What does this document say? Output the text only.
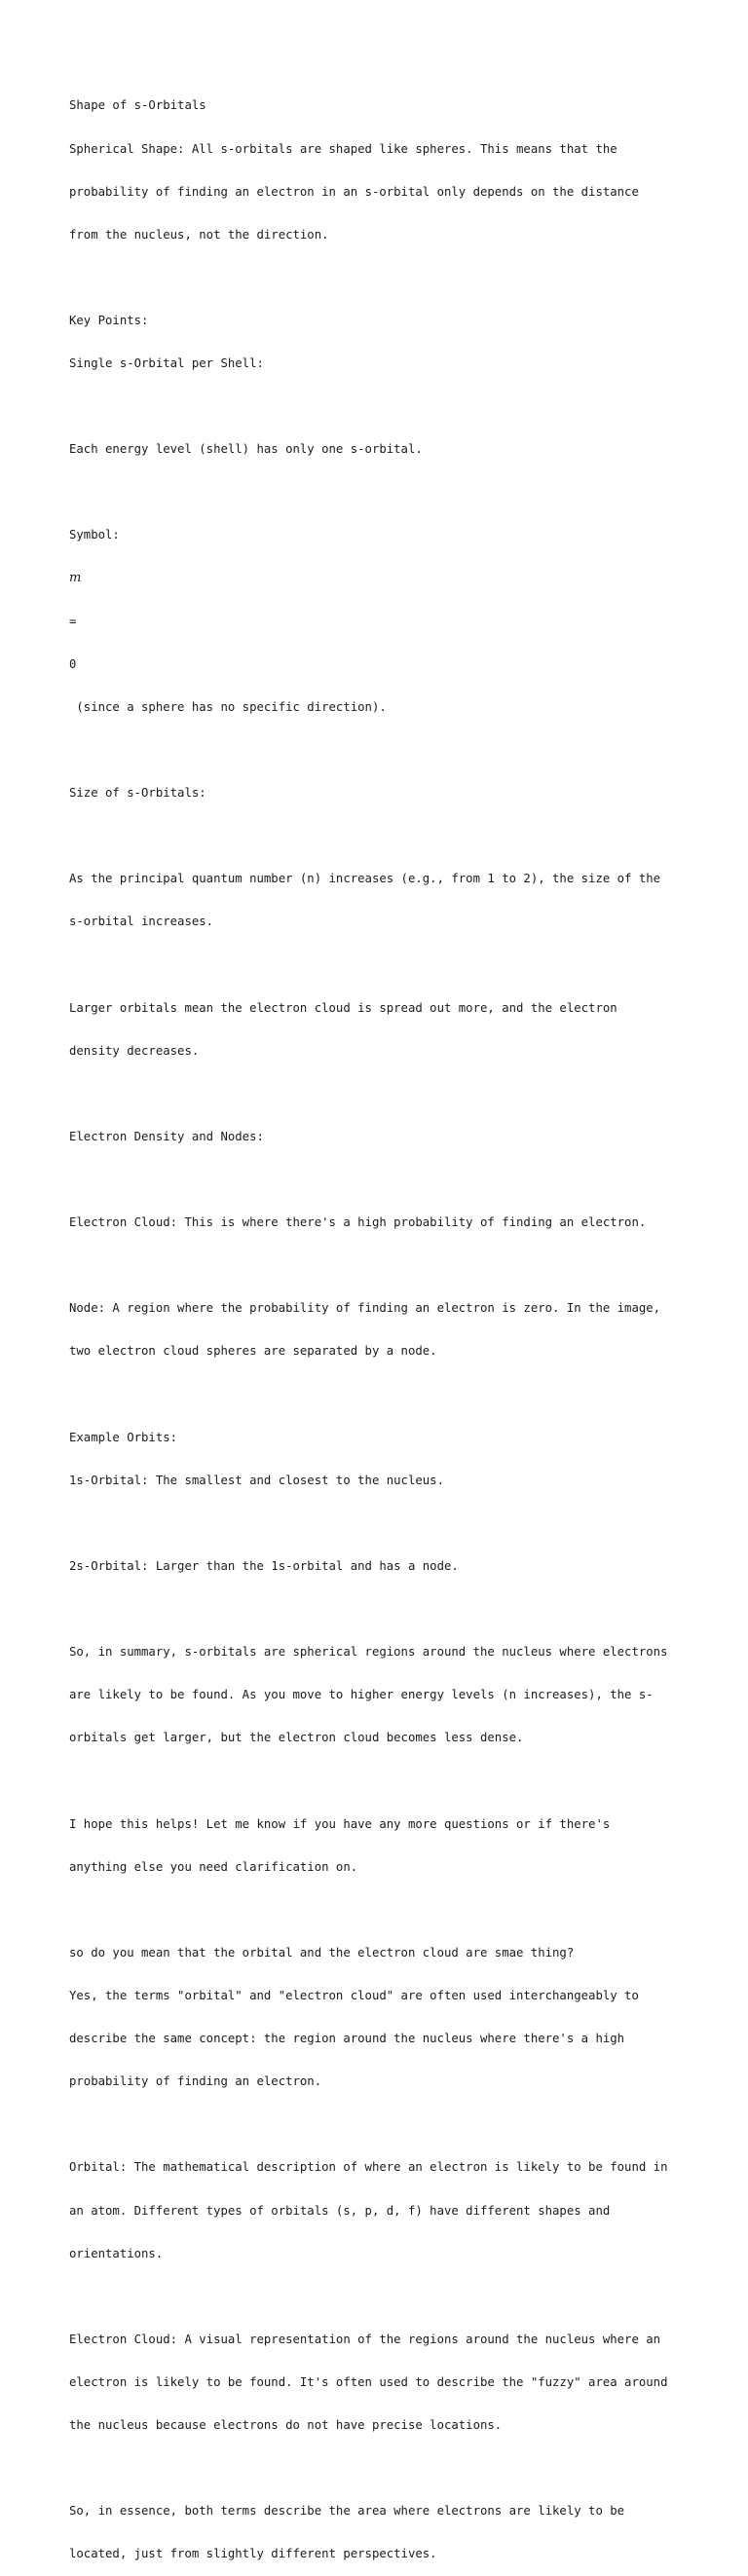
Shape of s-Orbitals

Spherical Shape: All s-orbitals are shaped like spheres. This means that the

probability of finding an electron in an s-orbital only depends on the distance

from the nucleus, not the direction.

Key Points:

Single s-Orbital per Shell:

Each energy level (shell) has only one s-orbital.

Symbol:

m

=

0

(since a sphere has no specific direction).

Size of s-Orbitals:

As the principal quantum number (n) increases (e.g., from 1 to 2), the size of the

s-orbital increases.

Larger orbitals mean the electron cloud is spread out more, and the electron

density decreases.

Electron Density and Nodes:

Electron Cloud: This is where there's a high probability of finding an electron.

Node: A region where the probability of finding an electron is zero. In the image,

two electron cloud spheres are separated by a node.

Example Orbits:

1s-Orbital: The smallest and closest to the nucleus.

2s-Orbital: Larger than the 1s-orbital and has a node.

So, in summary, s-orbitals are spherical regions around the nucleus where electrons

are likely to be found. As you move to higher energy levels (n increases), the s-

orbitals get larger, but the electron cloud becomes less dense.

I hope this helps! Let me know if you have any more questions or if there's

anything else you need clarification on.

so do you mean that the orbital and the electron cloud are smae thing?

Yes, the terms "orbital" and "electron cloud" are often used interchangeably to

describe the same concept: the region around the nucleus where there's a high

probability of finding an electron.

Orbital: The mathematical description of where an electron is likely to be found in

an atom. Different types of orbitals (s, p, d, f) have different shapes and

orientations.

Electron Cloud: A visual representation of the regions around the nucleus where an

electron is likely to be found. It's often used to describe the "fuzzy" area around

the nucleus because electrons do not have precise locations.

So, in essence, both terms describe the area where electrons are likely to be

located, just from slightly different perspectives.
